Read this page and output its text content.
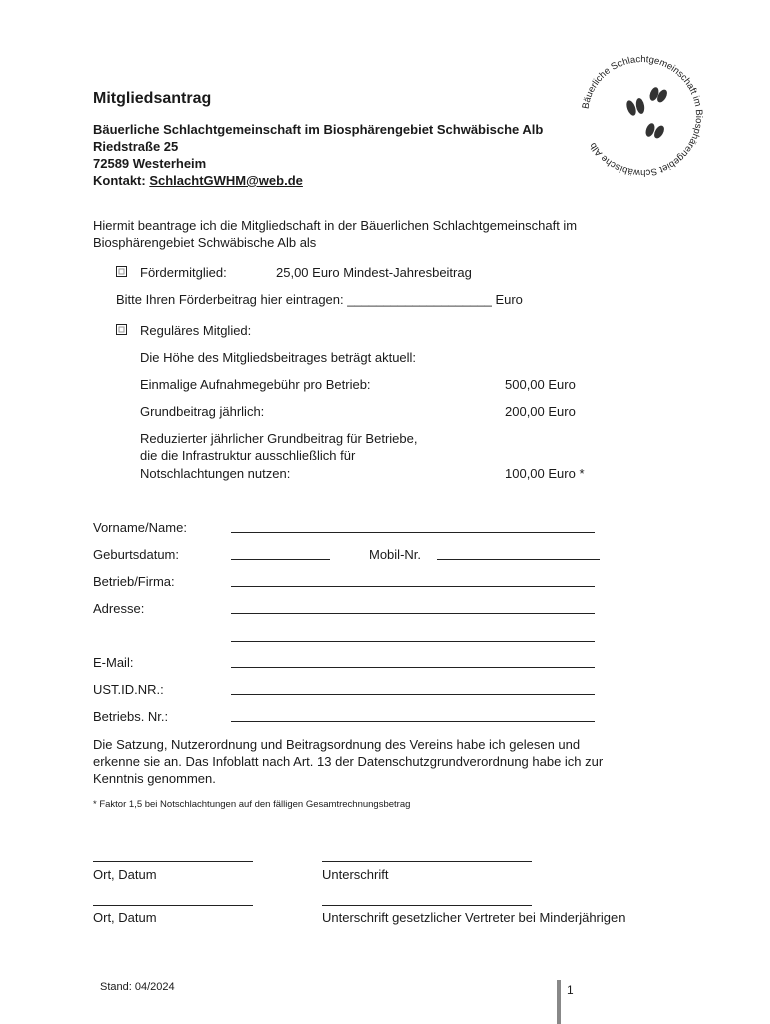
Mitgliedsantrag
Bäuerliche Schlachtgemeinschaft im Biosphärengebiet Schwäbische Alb
Riedstraße 25
72589 Westerheim
Kontakt: SchlachtGWHM@web.de
Bäuerliche Schlachtgemeinschaft im Biosphärengebiet Schwäbische Alb
Hiermit beantrage ich die Mitgliedschaft in der Bäuerlichen Schlachtgemeinschaft im
Biosphärengebiet Schwäbische Alb als
Fördermitglied:	25,00 Euro Mindest-Jahresbeitrag
Bitte Ihren Förderbeitrag hier eintragen: ____________________ Euro
Reguläres Mitglied:
Die Höhe des Mitgliedsbeitrages beträgt aktuell:
Einmalige Aufnahmegebühr pro Betrieb:	500,00 Euro
Grundbeitrag jährlich:	200,00 Euro
Reduzierter jährlicher Grundbeitrag für Betriebe,
die die Infrastruktur ausschließlich für
Notschlachtungen nutzen:	100,00 Euro *
Vorname/Name:
Geburtsdatum:	Mobil-Nr.
Betrieb/Firma:
Adresse:
E-Mail:
UST.ID.NR.:
Betriebs. Nr.:
Die Satzung, Nutzerordnung und Beitragsordnung des Vereins habe ich gelesen und
erkenne sie an. Das Infoblatt nach Art. 13 der Datenschutzgrundverordnung habe ich zur
Kenntnis genommen.
* Faktor 1,5 bei Notschlachtungen auf den fälligen Gesamtrechnungsbetrag
Ort, Datum	Unterschrift
Ort, Datum	Unterschrift gesetzlicher Vertreter bei Minderjährigen
Stand: 04/2024	1
